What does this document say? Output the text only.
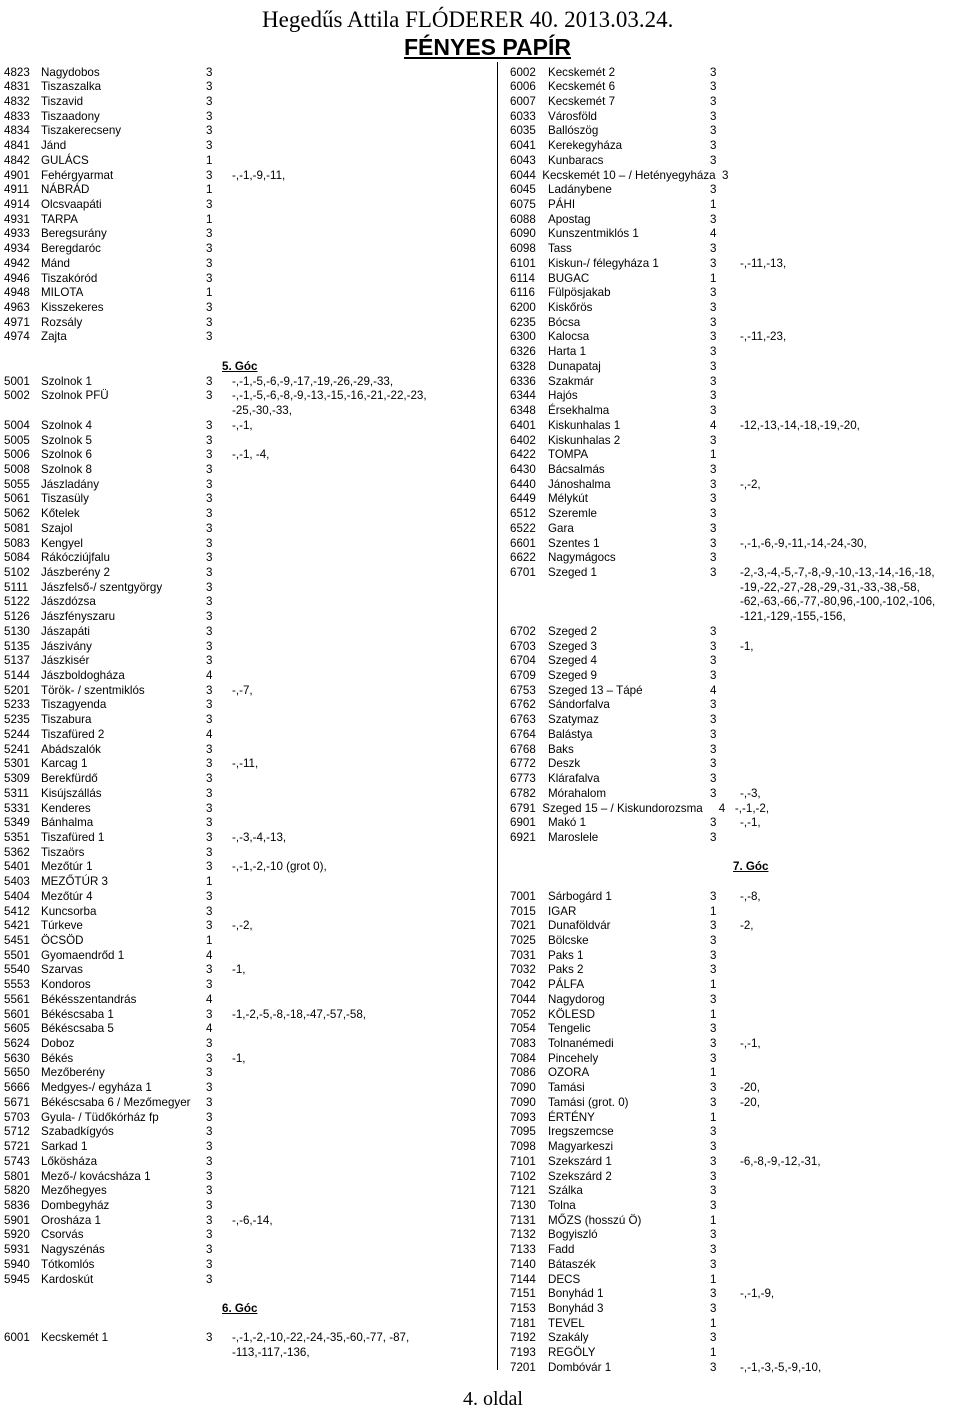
Hegedűs Attila FLÓDERER 40. 2013.03.24.
FÉNYES PAPÍR
4823 Nagydobos	3
4831 Tiszaszalka	3
4832 Tiszavid	3
4833 Tiszaadony	3
4834 Tiszakerecseny	3
4841 Jánd	3
4842 GULÁCS	1
4901 Fehérgyarmat	3 -,-1,-9,-11,
4911 NÁBRÁD	1
4914 Olcsvaapáti	3
4931 TARPA	1
4933 Beregsurány	3
4934 Beregdaróc	3
4942 Mánd	3
4946 Tiszakóród	3
4948 MILOTA	1
4963 Kisszekeres	3
4971 Rozsály	3
4974 Zajta	3
5001 Szolnok 1	3 -,-1,-5,-6,-9,-17,-19,-26,-29,-33,
5002 Szolnok PFÜ	3 -,-1,-5,-6,-8,-9,-13,-15,-16,-21,-22,-23,
-25,-30,-33,
5004 Szolnok 4	3 -,-1,
5005 Szolnok 5	3
5006 Szolnok 6	3 -,-1, -4,
5008 Szolnok 8	3
5055 Jászladány	3
5061 Tiszasüly	3
5062 Kőtelek	3
5081 Szajol	3
5083 Kengyel	3
5084 Rákócziújfalu	3
5102 Jászberény 2	3
5111 Jászfelső-/ szentgyörgy	3
5122 Jászdózsa	3
5126 Jászfényszaru	3
5130 Jászapáti	3
5135 Jászivány	3
5137 Jászkisér	3
5144 Jászboldogháza	4
5201 Török- / szentmiklós	3 -,-7,
5233 Tiszagyenda	3
5235 Tiszabura	3
5244 Tiszafüred 2	4
5241 Abádszalók	3
5301 Karcag 1	3 -,-11,
5309 Berekfürdő	3
5311 Kisújszállás	3
5331 Kenderes	3
5349 Bánhalma	3
5351 Tiszafüred 1	3 -,-3,-4,-13,
5362 Tiszaörs	3
5401 Mezőtúr 1	3 -,-1,-2,-10 (grot 0),
5403 MEZŐTÚR 3	1
5404 Mezőtúr 4	3
5412 Kuncsorba	3
5421 Túrkeve	3 -,-2,
5451 ÖCSÖD	1
5501 Gyomaendrőd 1	4
5540 Szarvas	3 -1,
5553 Kondoros	3
5561 Békésszentandrás	4
5601 Békéscsaba 1	3 -1,-2,-5,-8,-18,-47,-57,-58,
5605 Békéscsaba 5	4
5624 Doboz	3
5630 Békés	3 -1,
5650 Mezőberény	3
5666 Medgyes-/ egyháza 1	3
5671 Békéscsaba 6 / Mezőmegyer 3
5703 Gyula- / Tüdőkórház fp	3
5712 Szabadkígyós	3
5721 Sarkad 1	3
5743 Lőkösháza	3
5801 Mező-/ kovácsháza 1	3
5820 Mezőhegyes	3
5836 Dombegyház	3
5901 Orosháza 1	3 -,-6,-14,
5920 Csorvás	3
5931 Nagyszénás	3
5940 Tótkomlós	3
5945 Kardoskút	3
6001 Kecskemét 1	3 -,-1,-2,-10,-22,-24,-35,-60,-77, -87,
-113,-117,-136,
5. Góc
6. Góc
6002 Kecskemét 2	3
6006 Kecskemét 6	3
6007 Kecskemét 7	3
6033 Városföld	3
6035 Ballószög	3
6041 Kerekegyháza	3
6043 Kunbaracs	3
6044  Kecskemét 10 – / Hetényegyháza  3
6045 Ladánybene	3
6075 PÁHI	1
6088 Apostag	3
6090 Kunszentmiklós 1	4
6098 Tass	3
6101 Kiskun-/ félegyháza 1	3 -,-11,-13,
6114 BUGAC	1
6116 Fülpösjakab	3
6200 Kiskőrös	3
6235 Bócsa	3
6300 Kalocsa	3 -,-11,-23,
6326 Harta 1	3
6328 Dunapataj	3
6336 Szakmár	3
6344 Hajós	3
6348 Érsekhalma	3
6401 Kiskunhalas 1	4 -12,-13,-14,-18,-19,-20,
6402 Kiskunhalas 2	3
6422 TOMPA	1
6430 Bácsalmás	3
6440 Jánoshalma	3 -,-2,
6449 Mélykút	3
6512 Szeremle	3
6522 Gara	3
6601 Szentes 1	3 -,-1,-6,-9,-11,-14,-24,-30,
6622 Nagymágocs	3
6701 Szeged 1	3 -2,-3,-4,-5,-7,-8,-9,-10,-13,-14,-16,-18,
-19,-22,-27,-28,-29,-31,-33,-38,-58,
-62,-63,-66,-77,-80,96,-100,-102,-106,
-121,-129,-155,-156,
6702 Szeged 2	3
6703 Szeged 3	3 -1,
6704 Szeged 4	3
6709 Szeged 9	3
6753 Szeged 13 – Tápé	4
6762 Sándorfalva	3
6763 Szatymaz	3
6764 Balástya	3
6768 Baks	3
6772 Deszk	3
6773 Klárafalva	3
6782 Mórahalom	3 -,-3,
6791  Szeged 15 – / Kiskundorozsma     4   -,-1,-2,
6901 Makó 1	3 -,-1,
6921 Maroslele	3
7001 Sárbogárd 1	3 -,-8,
7015 IGAR	1
7021 Dunaföldvár	3 -2,
7025 Bölcske	3
7031 Paks 1	3
7032 Paks 2	3
7042 PÁLFA	1
7044 Nagydorog	3
7052 KÖLESD	1
7054 Tengelic	3
7083 Tolnanémedi	3 -,-1,
7084 Pincehely	3
7086 OZORA	1
7090 Tamási	3 -20,
7090 Tamási (grot. 0)	3 -20,
7093 ÉRTÉNY	1
7095 Iregszemcse	3
7098 Magyarkeszi	3
7101 Szekszárd 1	3 -6,-8,-9,-12,-31,
7102 Szekszárd 2	3
7121 Szálka	3
7130 Tolna	3
7131 MŐZS (hosszú Ö)	1
7132 Bogyiszló	3
7133 Fadd	3
7140 Bátaszék	3
7144 DECS	1
7151 Bonyhád 1	3 -,-1,-9,
7153 Bonyhád 3	3
7181 TEVEL	1
7192 Szakály	3
7193 REGÖLY	1
7201 Dombóvár 1	3 -,-1,-3,-5,-9,-10,
7. Góc
4. oldal
